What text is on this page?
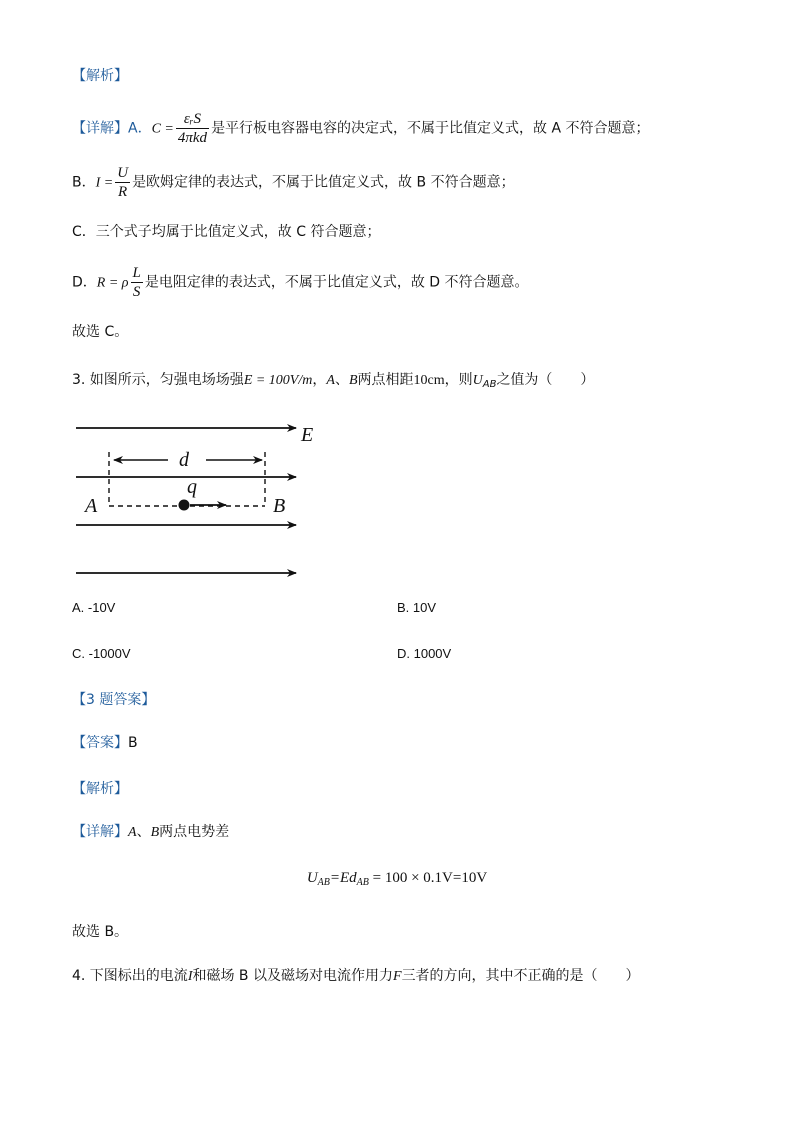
【解析】
【详解】A．$C = \frac{\text{εᵣS}}{\text{4πkd}}$ 是平行板电容器电容的决定式，不属于比值定义式，故 A 不符合题意；
B．$I = \frac{U}{R}$ 是欧姆定律的表达式，不属于比值定义式，故 B 不符合题意；
C．三个式子均属于比值定义式，故 C 符合题意；
D．R = ρ $\frac{L}{S}$ 是电阻定律的表达式，不属于比值定义式，故 D 不符合题意。
故选 C。
3. 如图所示，匀强电场场强E = 100V/m，A、B两点相距10cm，则$U_{AB}$之值为（　　）
E
d
q
A	B
A. -10V	B. 10V
C. -1000V	D. 1000V
【3 题答案】
【答案】B
【解析】
【详解】A、B两点电势差
$U_{AB}=Ed_{AB} = 100 \times 0.1V=10V$
故选 B。
4. 下图标出的电流I和磁场 B 以及磁场对电流作用力F三者的方向，其中不正确的是（　　）
